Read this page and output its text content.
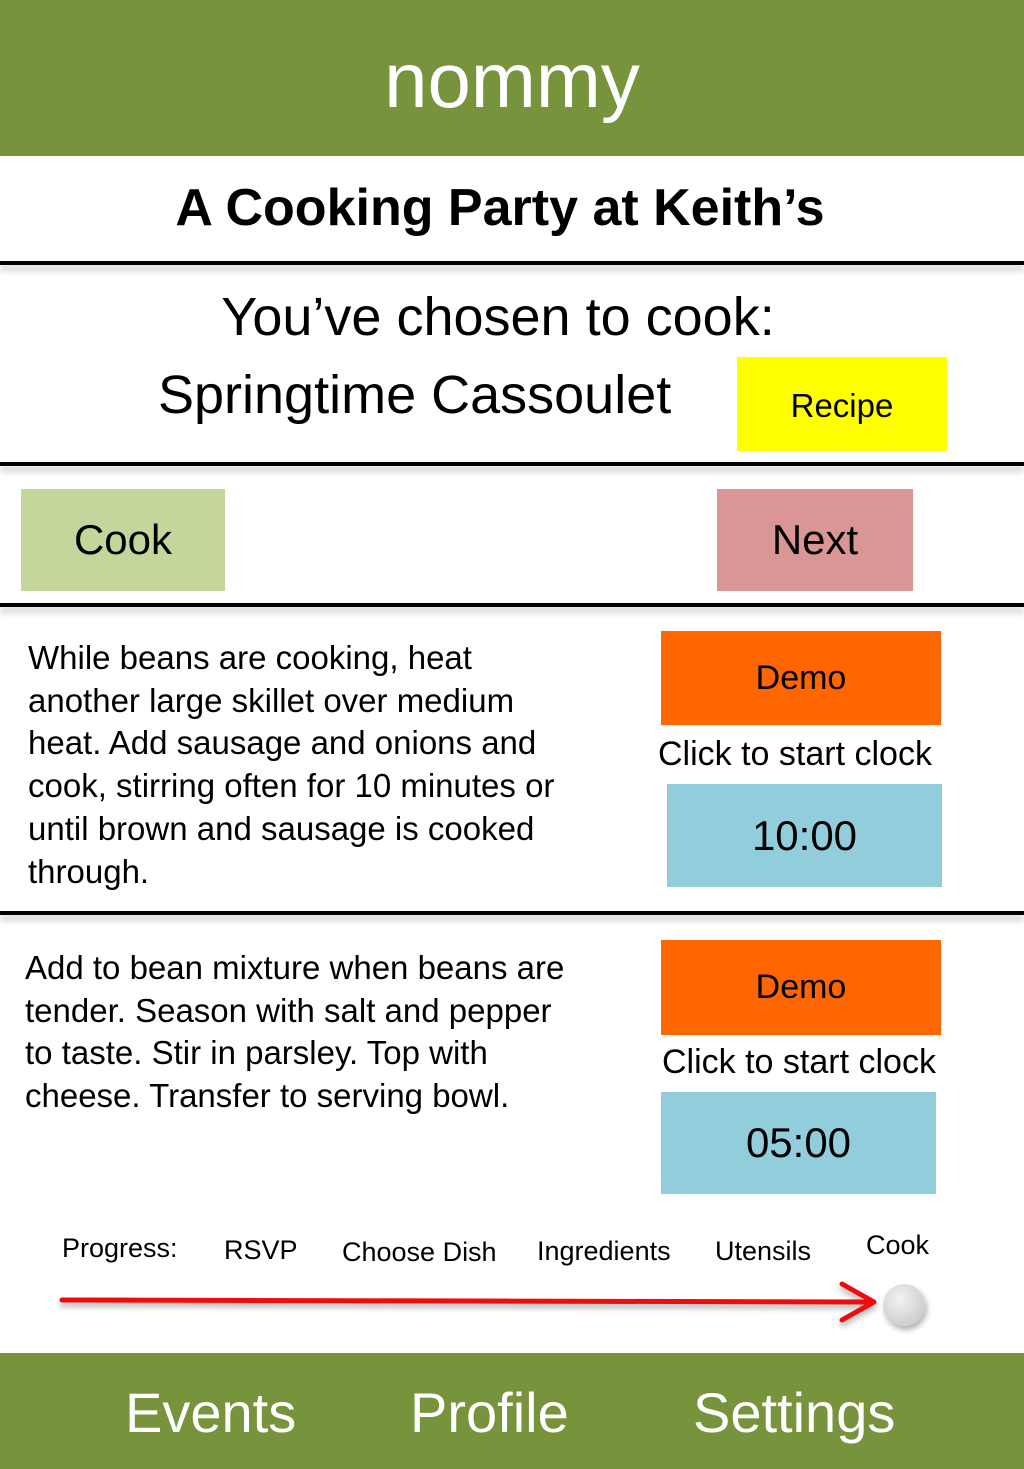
nommy
A Cooking Party at Keith’s
You’ve chosen to cook:
Springtime Cassoulet	Recipe
Cook	Next
While beans are cooking, heat another large skillet over medium heat. Add sausage and onions and cook, stirring often for 10 minutes or until brown and sausage is cooked through.
Demo
Click to start clock
10:00
Add to bean mixture when beans are tender. Season with salt and pepper to taste. Stir in parsley. Top with cheese. Transfer to serving bowl.
Demo
Click to start clock
05:00
Progress: RSVP Choose Dish Ingredients Utensils Cook
Events Profile Settings
